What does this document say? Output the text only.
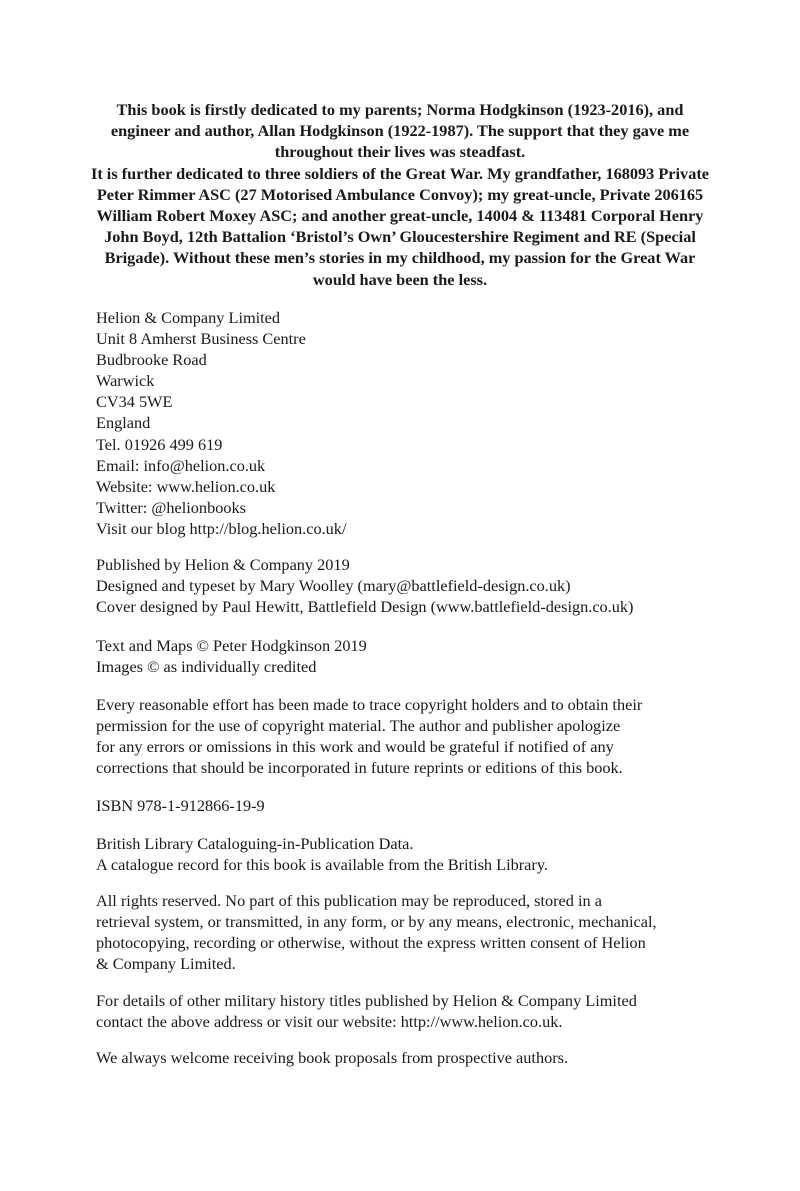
This book is firstly dedicated to my parents; Norma Hodgkinson (1923-2016), and engineer and author, Allan Hodgkinson (1922-1987). The support that they gave me throughout their lives was steadfast.

It is further dedicated to three soldiers of the Great War. My grandfather, 168093 Private Peter Rimmer ASC (27 Motorised Ambulance Convoy); my great-uncle, Private 206165 William Robert Moxey ASC; and another great-uncle, 14004 & 113481 Corporal Henry John Boyd, 12th Battalion ‘Bristol’s Own’ Gloucestershire Regiment and RE (Special Brigade). Without these men’s stories in my childhood, my passion for the Great War would have been the less.

Helion & Company Limited
Unit 8 Amherst Business Centre
Budbrooke Road
Warwick
CV34 5WE
England
Tel. 01926 499 619
Email: info@helion.co.uk
Website: www.helion.co.uk
Twitter: @helionbooks
Visit our blog http://blog.helion.co.uk/
Published by Helion & Company 2019
Designed and typeset by Mary Woolley (mary@battlefield-design.co.uk)
Cover designed by Paul Hewitt, Battlefield Design (www.battlefield-design.co.uk)
Text and Maps © Peter Hodgkinson 2019
Images © as individually credited
Every reasonable effort has been made to trace copyright holders and to obtain their
permission for the use of copyright material. The author and publisher apologize
for any errors or omissions in this work and would be grateful if notified of any
corrections that should be incorporated in future reprints or editions of this book.
ISBN 978-1-912866-19-9
British Library Cataloguing-in-Publication Data.
A catalogue record for this book is available from the British Library.
All rights reserved. No part of this publication may be reproduced, stored in a
retrieval system, or transmitted, in any form, or by any means, electronic, mechanical,
photocopying, recording or otherwise, without the express written consent of Helion
& Company Limited.
For details of other military history titles published by Helion & Company Limited
contact the above address or visit our website: http://www.helion.co.uk.
We always welcome receiving book proposals from prospective authors.
